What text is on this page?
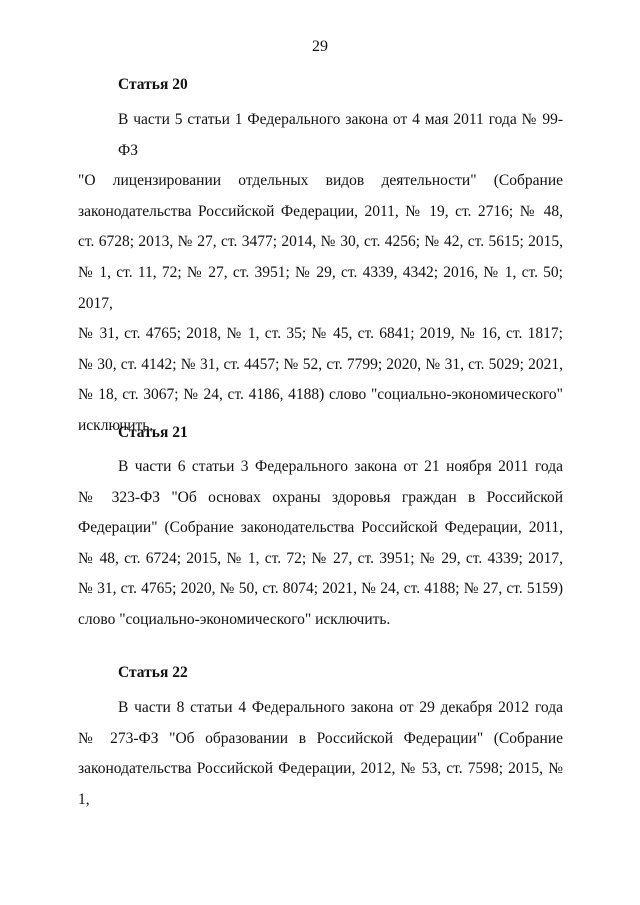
29
Статья 20
В части 5 статьи 1 Федерального закона от 4 мая 2011 года № 99-ФЗ
"О лицензировании отдельных видов деятельности" (Собрание
законодательства Российской Федерации, 2011, № 19, ст. 2716; № 48,
ст. 6728; 2013, № 27, ст. 3477; 2014, № 30, ст. 4256; № 42, ст. 5615; 2015,
№ 1, ст. 11, 72; № 27, ст. 3951; № 29, ст. 4339, 4342; 2016, № 1, ст. 50; 2017,
№ 31, ст. 4765; 2018, № 1, ст. 35; № 45, ст. 6841; 2019, № 16, ст. 1817;
№ 30, ст. 4142; № 31, ст. 4457; № 52, ст. 7799; 2020, № 31, ст. 5029; 2021,
№ 18, ст. 3067; № 24, ст. 4186, 4188) слово "социально-экономического"
исключить.
Статья 21
В части 6 статьи 3 Федерального закона от 21 ноября 2011 года
№ 323-ФЗ "Об основах охраны здоровья граждан в Российской
Федерации" (Собрание законодательства Российской Федерации, 2011,
№ 48, ст. 6724; 2015, № 1, ст. 72; № 27, ст. 3951; № 29, ст. 4339; 2017,
№ 31, ст. 4765; 2020, № 50, ст. 8074; 2021, № 24, ст. 4188; № 27, ст. 5159)
слово "социально-экономического" исключить.
Статья 22
В части 8 статьи 4 Федерального закона от 29 декабря 2012 года
№ 273-ФЗ "Об образовании в Российской Федерации" (Собрание
законодательства Российской Федерации, 2012, № 53, ст. 7598; 2015, № 1,
